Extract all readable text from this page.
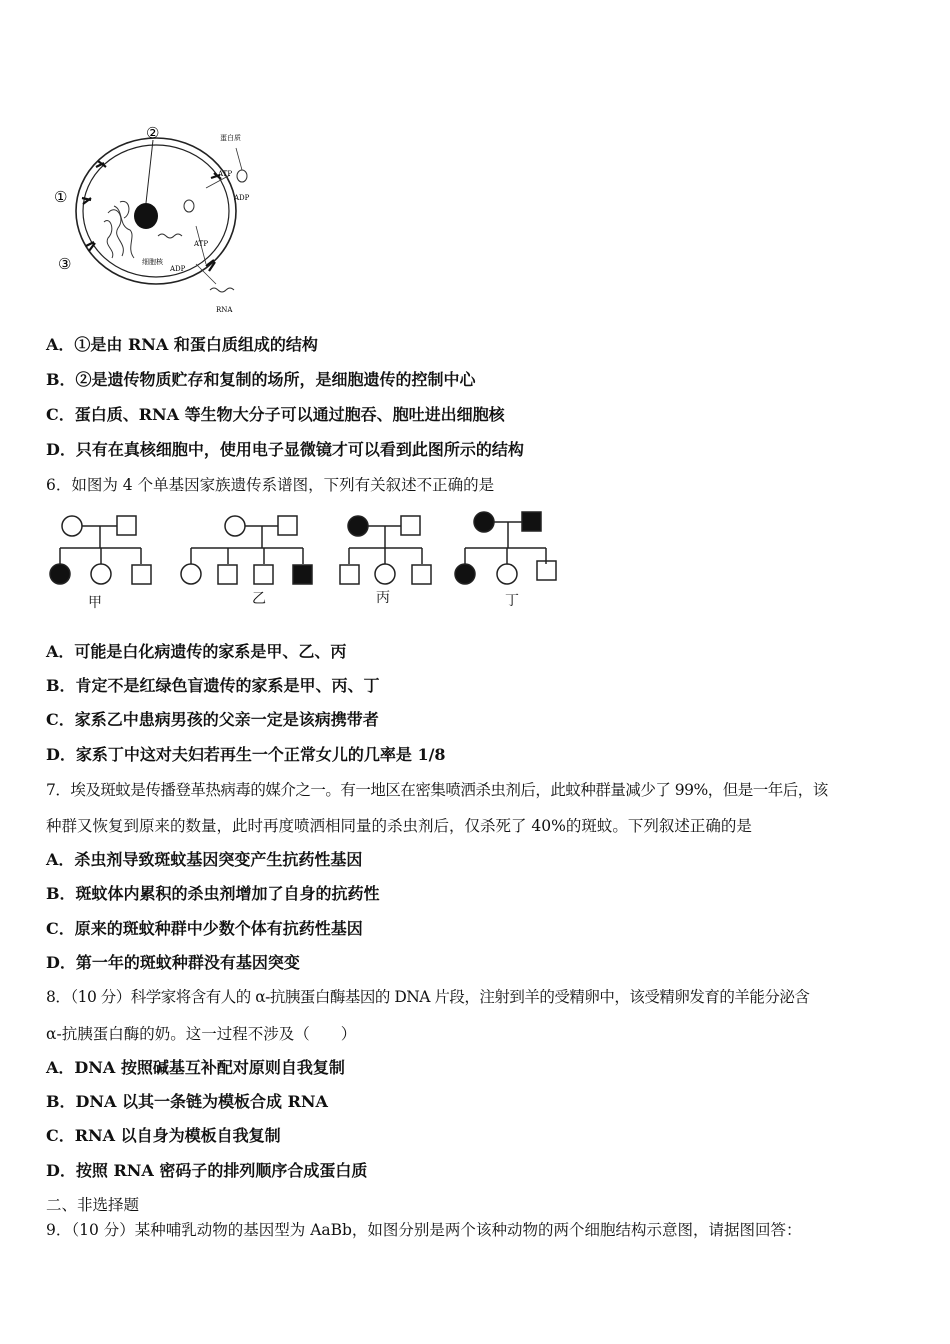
①
②
③
蛋白质
ATP
ADP
ATP
ADP
细胞核
RNA
A．①是由 RNA 和蛋白质组成的结构
B．②是遗传物质贮存和复制的场所，是细胞遗传的控制中心
C．蛋白质、RNA 等生物大分子可以通过胞吞、胞吐进出细胞核
D．只有在真核细胞中，使用电子显微镜才可以看到此图所示的结构
6．如图为 4 个单基因家族遗传系谱图，下列有关叙述不正确的是
甲	乙	丙	丁
A．可能是白化病遗传的家系是甲、乙、丙
B．肯定不是红绿色盲遗传的家系是甲、丙、丁
C．家系乙中患病男孩的父亲一定是该病携带者
D．家系丁中这对夫妇若再生一个正常女儿的几率是 1/8
7．埃及斑蚊是传播登革热病毒的媒介之一。有一地区在密集喷洒杀虫剂后，此蚊种群量减少了 99%，但是一年后，该
种群又恢复到原来的数量，此时再度喷洒相同量的杀虫剂后，仅杀死了 40%的斑蚊。下列叙述正确的是
A．杀虫剂导致斑蚊基因突变产生抗药性基因
B．斑蚊体内累积的杀虫剂增加了自身的抗药性
C．原来的斑蚊种群中少数个体有抗药性基因
D．第一年的斑蚊种群没有基因突变
8．（10 分）科学家将含有人的 α-抗胰蛋白酶基因的 DNA 片段，注射到羊的受精卵中，该受精卵发育的羊能分泌含
α-抗胰蛋白酶的奶。这一过程不涉及（　　）
A．DNA 按照碱基互补配对原则自我复制
B．DNA 以其一条链为模板合成 RNA
C．RNA 以自身为模板自我复制
D．按照 RNA 密码子的排列顺序合成蛋白质
二、非选择题
9．（10 分）某种哺乳动物的基因型为 AaBb，如图分别是两个该种动物的两个细胞结构示意图，请据图回答：
